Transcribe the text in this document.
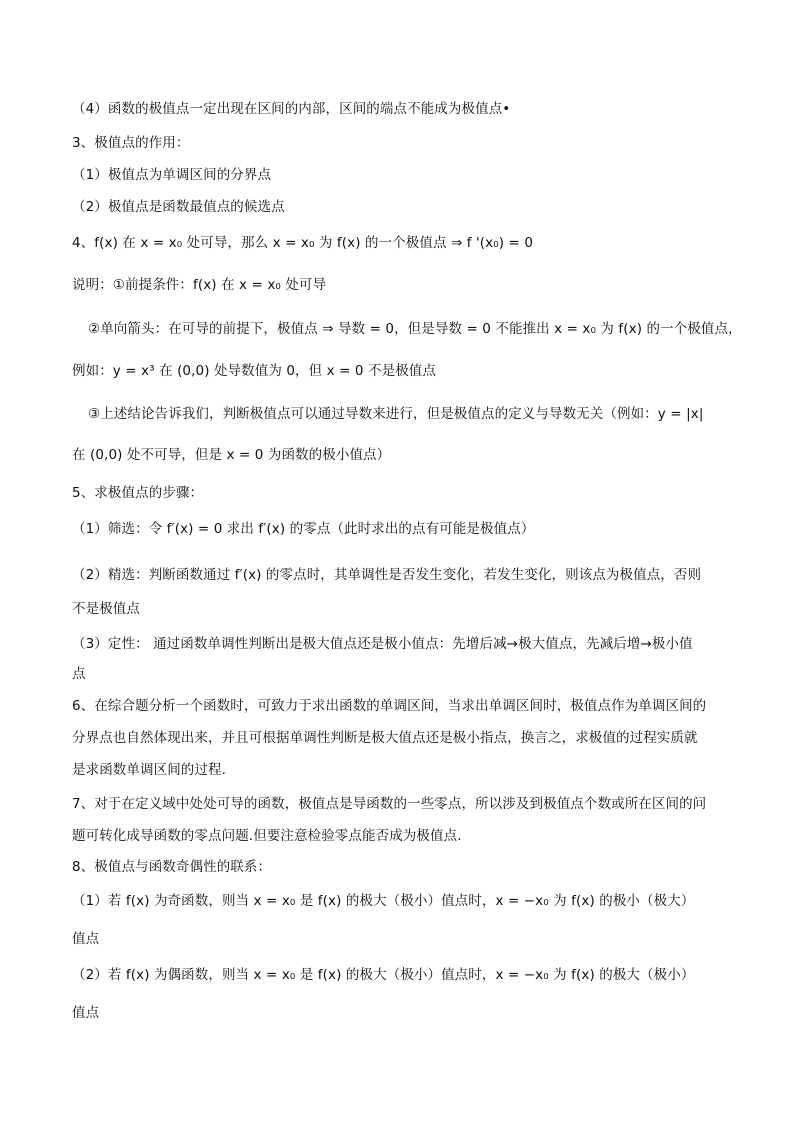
（4）函数的极值点一定出现在区间的内部，区间的端点不能成为极值点•
3、极值点的作用：
（1）极值点为单调区间的分界点
（2）极值点是函数最值点的候选点
4、f(x) 在 x = x₀ 处可导，那么 x = x₀ 为 f(x) 的一个极值点 ⇒ f '(x₀) = 0
说明：①前提条件：f(x) 在 x = x₀ 处可导
②单向箭头：在可导的前提下，极值点 ⇒ 导数 = 0，但是导数 = 0 不能推出 x = x₀ 为 f(x) 的一个极值点，
例如：y = x³ 在 (0,0) 处导数值为 0，但 x = 0 不是极值点
③上述结论告诉我们，判断极值点可以通过导数来进行，但是极值点的定义与导数无关（例如：y = |x|
在 (0,0) 处不可导，但是 x = 0 为函数的极小值点）
5、求极值点的步骤：
（1）筛选：令 f′(x) = 0 求出 f′(x) 的零点（此时求出的点有可能是极值点）
（2）精选：判断函数通过 f′(x) 的零点时，其单调性是否发生变化，若发生变化，则该点为极值点，否则
不是极值点
（3）定性： 通过函数单调性判断出是极大值点还是极小值点：先增后减→极大值点，先减后增→极小值
点
6、在综合题分析一个函数时，可致力于求出函数的单调区间，当求出单调区间时，极值点作为单调区间的
分界点也自然体现出来，并且可根据单调性判断是极大值点还是极小指点，换言之，求极值的过程实质就
是求函数单调区间的过程.
7、对于在定义域中处处可导的函数，极值点是导函数的一些零点，所以涉及到极值点个数或所在区间的问
题可转化成导函数的零点问题.但要注意检验零点能否成为极值点.
8、极值点与函数奇偶性的联系：
（1）若 f(x) 为奇函数，则当 x = x₀ 是 f(x) 的极大（极小）值点时，x = −x₀ 为 f(x) 的极小（极大）
值点
（2）若 f(x) 为偶函数，则当 x = x₀ 是 f(x) 的极大（极小）值点时，x = −x₀ 为 f(x) 的极大（极小）
值点
